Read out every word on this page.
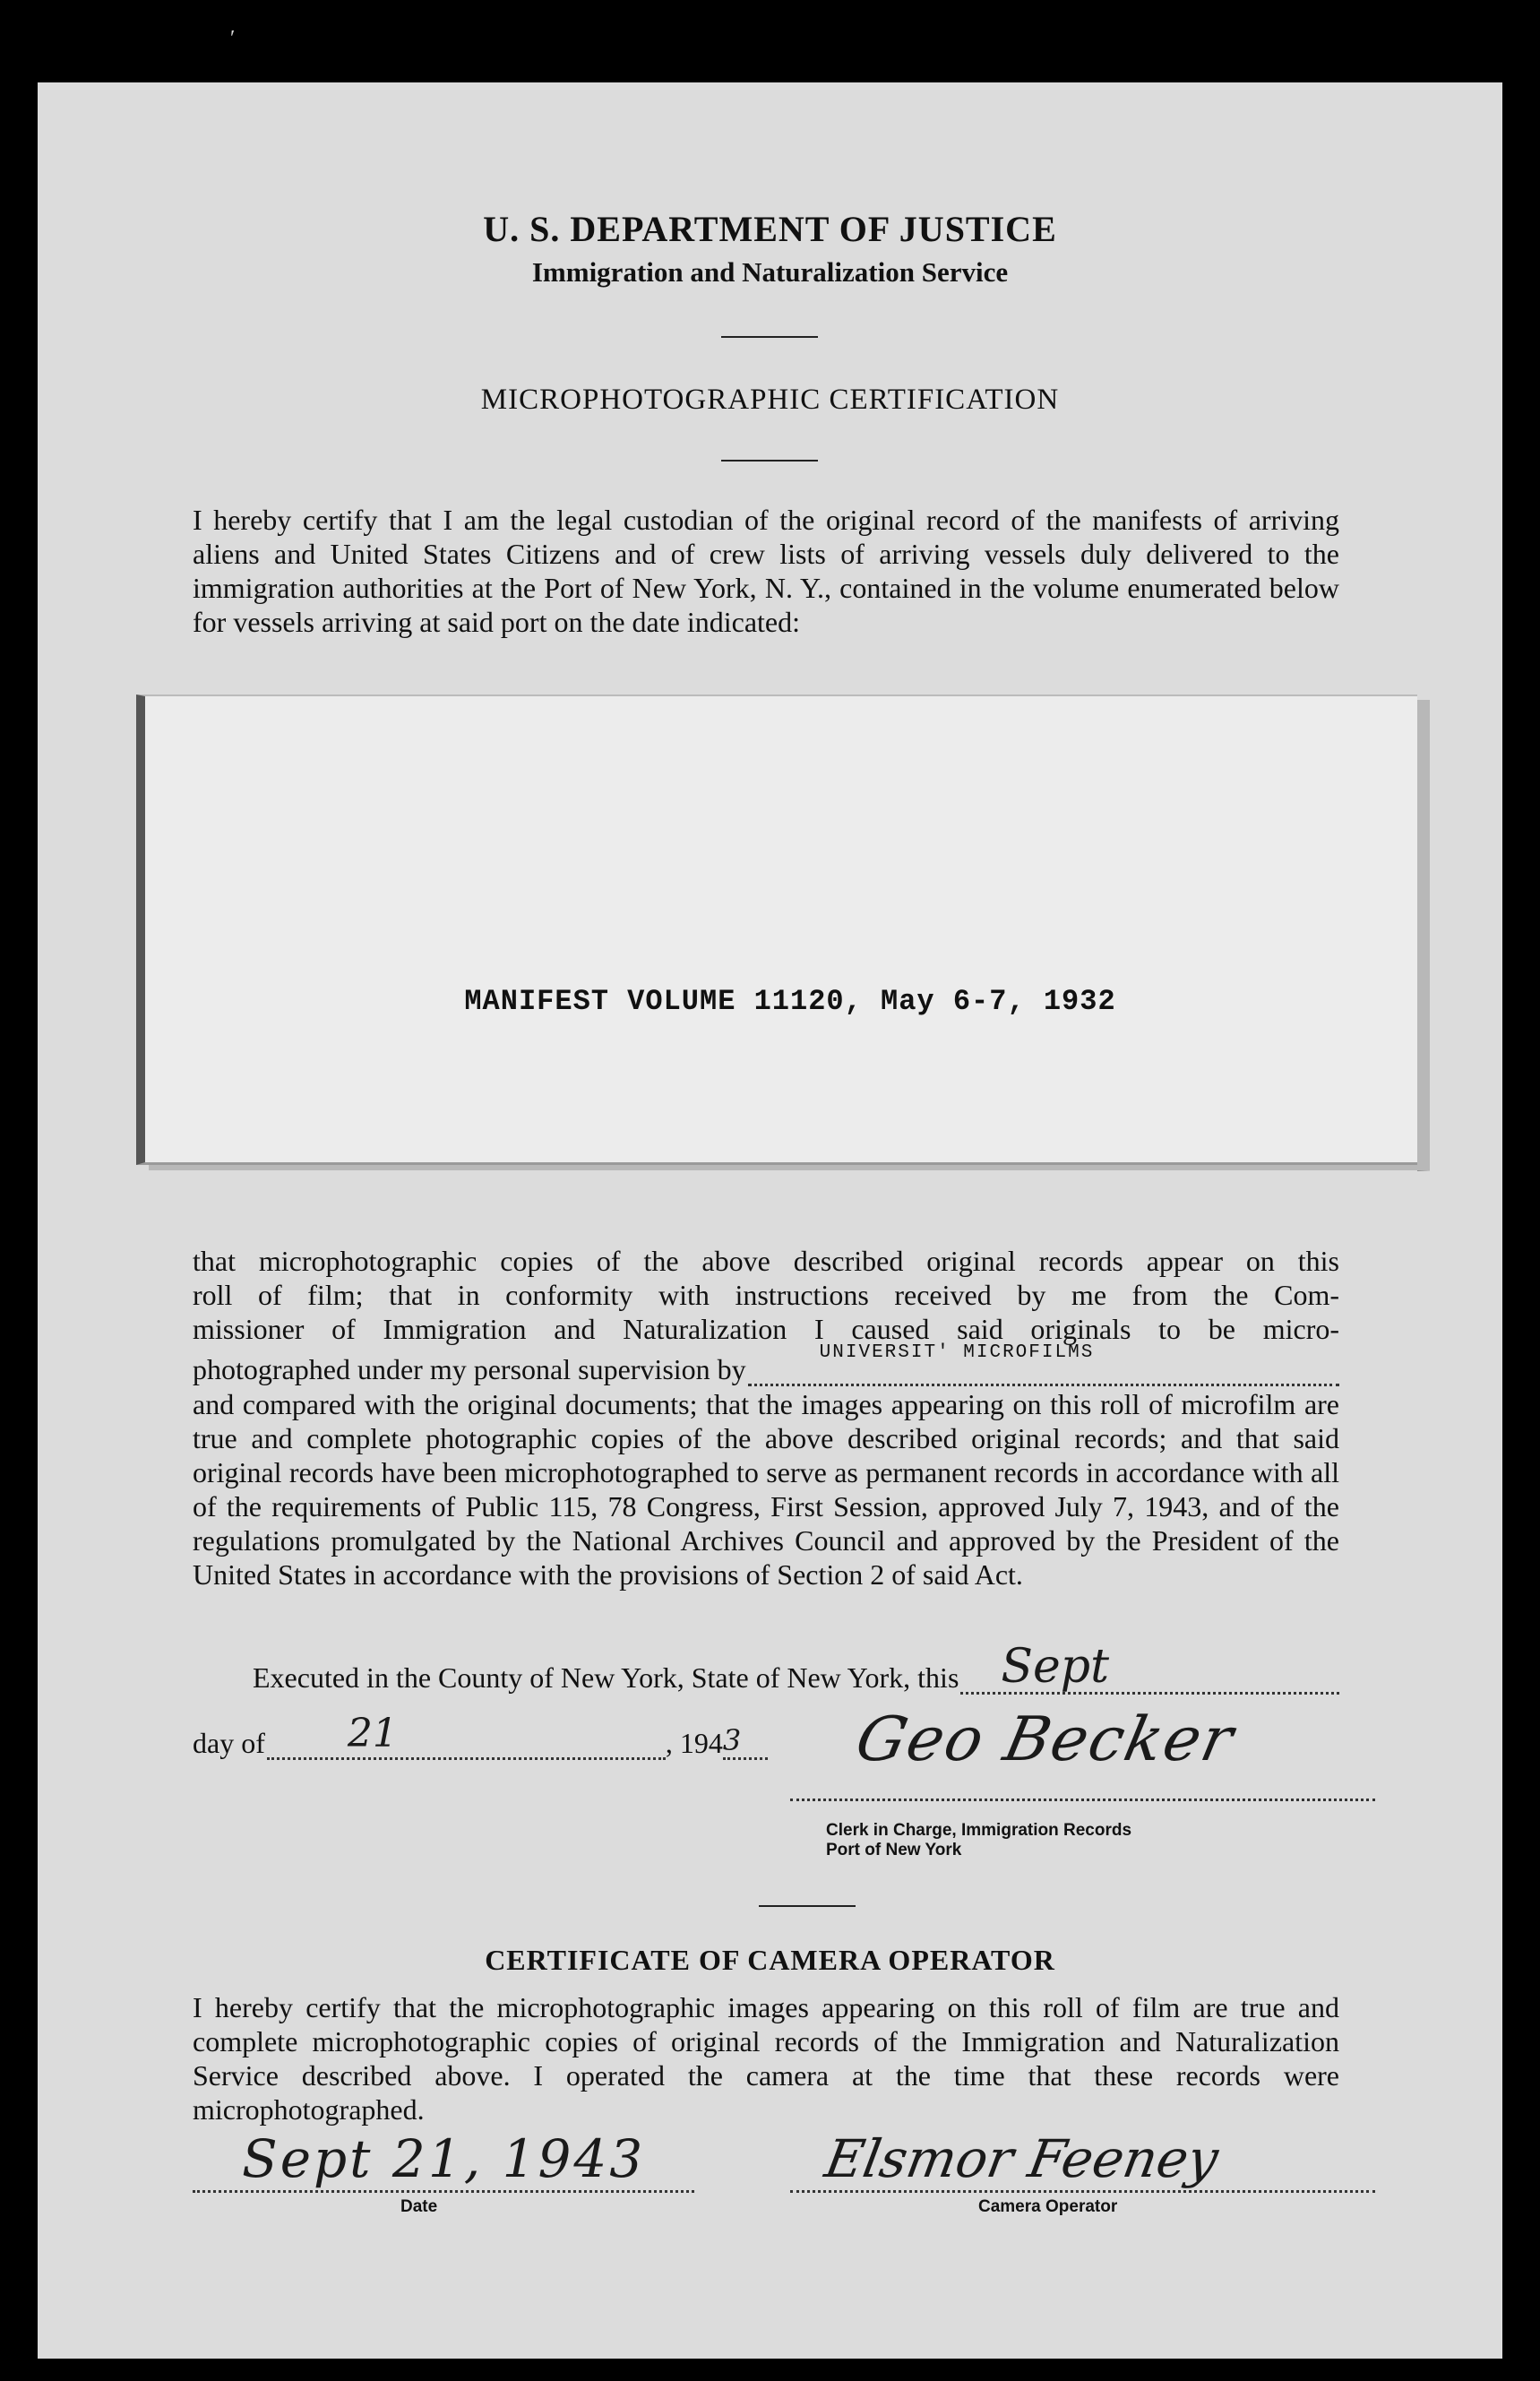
′
U. S. DEPARTMENT OF JUSTICE
Immigration and Naturalization Service
MICROPHOTOGRAPHIC CERTIFICATION
I hereby certify that I am the legal custodian of the original record of the manifests of arriving aliens and United States Citizens and of crew lists of arriving vessels duly delivered to the immigration authorities at the Port of New York, N. Y., contained in the volume enumerated below for vessels arriving at said port on the date indicated:
MANIFEST VOLUME 11120, May 6-7, 1932
that microphotographic copies of the above described original records appear on this
roll of film; that in conformity with instructions received by me from the Com-
missioner of Immigration and Naturalization I caused said originals to be micro-
photographed under my personal supervision by
UNIVERSIT' MICROFILMS
and compared with the original documents; that the images appearing on this roll of microfilm are true and complete photographic copies of the above described original records; and that said original records have been microphotographed to serve as permanent records in accordance with all of the requirements of Public 115, 78 Congress, First Session, approved July 7, 1943, and of the regulations promulgated by the National Archives Council and approved by the President of the United States in accordance with the provisions of Section 2 of said Act.
Executed in the County of New York, State of New York, this Sept
day of 21	, 194 3 Geo Becker
Clerk in Charge, Immigration Records
Port of New York
CERTIFICATE OF CAMERA OPERATOR
I hereby certify that the microphotographic images appearing on this roll of film are true and complete microphotographic copies of original records of the Immigration and Naturalization Service described above. I operated the camera at the time that these records were microphotographed.
Sept 21, 1943
Date
Elsmor Feeney
Camera Operator
